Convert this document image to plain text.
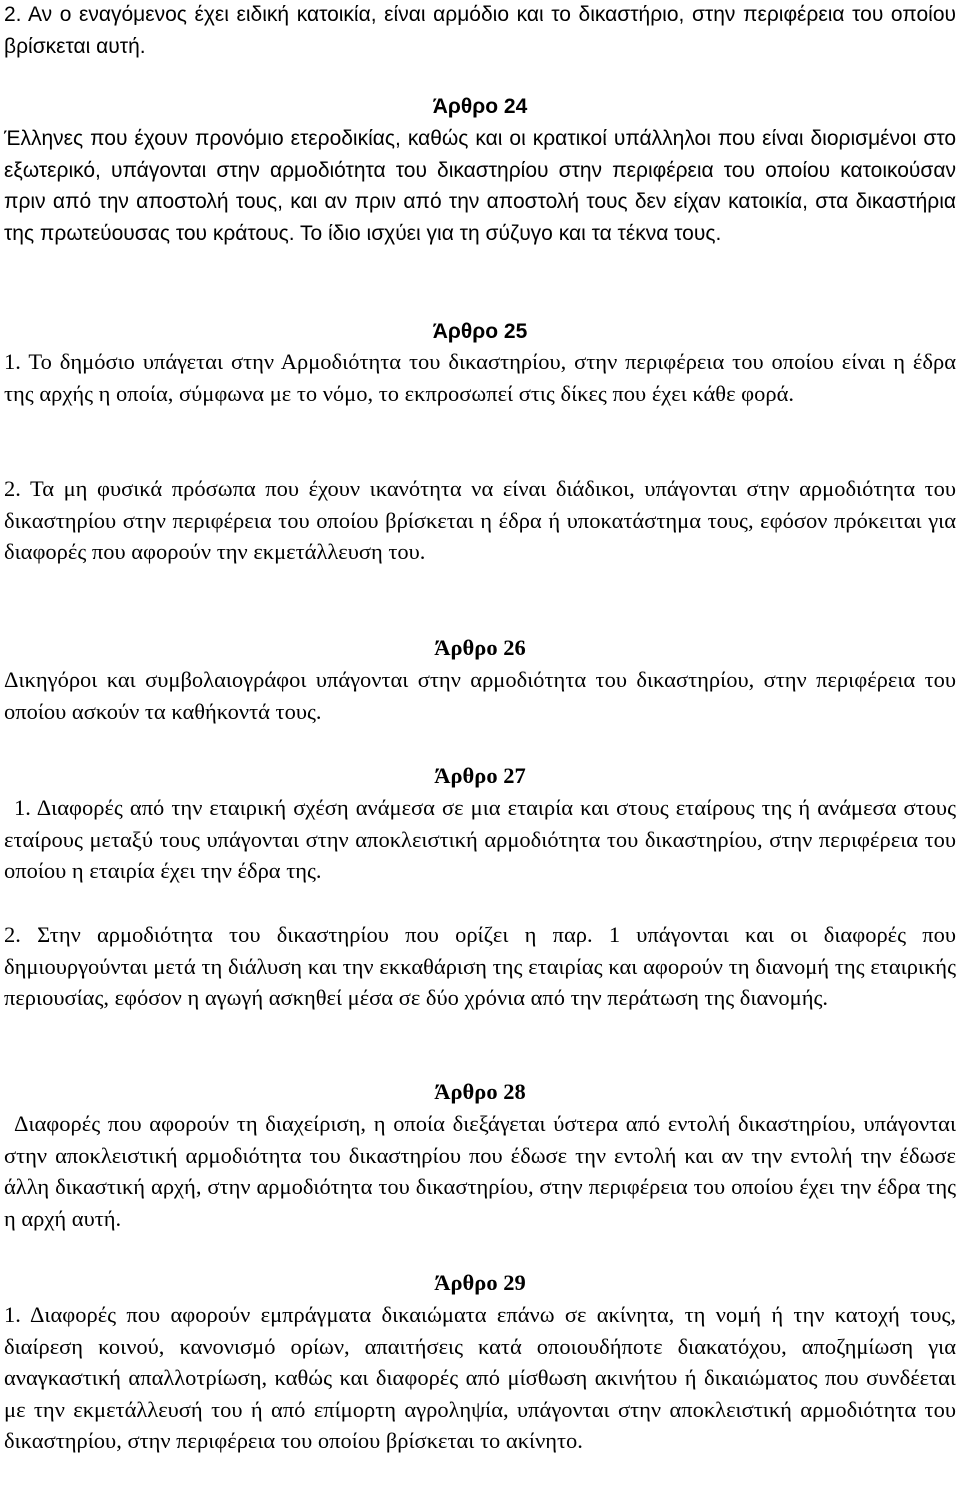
2. Αν ο εναγόμενος έχει ειδική κατοικία, είναι αρμόδιο και το δικαστήριο, στην περιφέρεια του οποίου βρίσκεται αυτή.

Άρθρο 24

Έλληνες που έχουν προνόμιο ετεροδικίας, καθώς και οι κρατικοί υπάλληλοι που είναι διορισμένοι στο εξωτερικό, υπάγονται στην αρμοδιότητα του δικαστηρίου στην περιφέρεια του οποίου κατοικούσαν πριν από την αποστολή τους, και αν πριν από την αποστολή τους δεν είχαν κατοικία, στα δικαστήρια της πρωτεύουσας του κράτους. Το ίδιο ισχύει για τη σύζυγο και τα τέκνα τους.

Άρθρο 25

1. Το δημόσιο υπάγεται στην Αρμοδιότητα του δικαστηρίου, στην περιφέρεια του οποίου είναι η έδρα της αρχής η οποία, σύμφωνα με το νόμο, το εκπροσωπεί στις δίκες που έχει κάθε φορά.

2. Τα μη φυσικά πρόσωπα που έχουν ικανότητα να είναι διάδικοι, υπάγονται στην αρμοδιότητα του δικαστηρίου στην περιφέρεια του οποίου βρίσκεται η έδρα ή υποκατάστημα τους, εφόσον πρόκειται για διαφορές που αφορούν την εκμετάλλευση του.

Άρθρο 26

Δικηγόροι και συμβολαιογράφοι υπάγονται στην αρμοδιότητα του δικαστηρίου, στην περιφέρεια του οποίου ασκούν τα καθήκοντά τους.

Άρθρο 27

1. Διαφορές από την εταιρική σχέση ανάμεσα σε μια εταιρία και στους εταίρους της ή ανάμεσα στους εταίρους μεταξύ τους υπάγονται στην αποκλειστική αρμοδιότητα του δικαστηρίου, στην περιφέρεια του οποίου η εταιρία έχει την έδρα της.

2. Στην αρμοδιότητα του δικαστηρίου που ορίζει η παρ. 1 υπάγονται και οι διαφορές που δημιουργούνται μετά τη διάλυση και την εκκαθάριση της εταιρίας και αφορούν τη διανομή της εταιρικής περιουσίας, εφόσον η αγωγή ασκηθεί μέσα σε δύο χρόνια από την περάτωση της διανομής.

Άρθρο 28

Διαφορές που αφορούν τη διαχείριση, η οποία διεξάγεται ύστερα από εντολή δικαστηρίου, υπάγονται στην αποκλειστική αρμοδιότητα του δικαστηρίου που έδωσε την εντολή και αν την εντολή την έδωσε άλλη δικαστική αρχή, στην αρμοδιότητα του δικαστηρίου, στην περιφέρεια του οποίου έχει την έδρα της η αρχή αυτή.

Άρθρο 29

1. Διαφορές που αφορούν εμπράγματα δικαιώματα επάνω σε ακίνητα, τη νομή ή την κατοχή τους, διαίρεση κοινού, κανονισμό ορίων, απαιτήσεις κατά οποιουδήποτε διακατόχου, αποζημίωση για αναγκαστική απαλλοτρίωση, καθώς και διαφορές από μίσθωση ακινήτου ή δικαιώματος που συνδέεται με την εκμετάλλευσή του ή από επίμορτη αγροληψία, υπάγονται στην αποκλειστική αρμοδιότητα του δικαστηρίου, στην περιφέρεια του οποίου βρίσκεται το ακίνητο.
